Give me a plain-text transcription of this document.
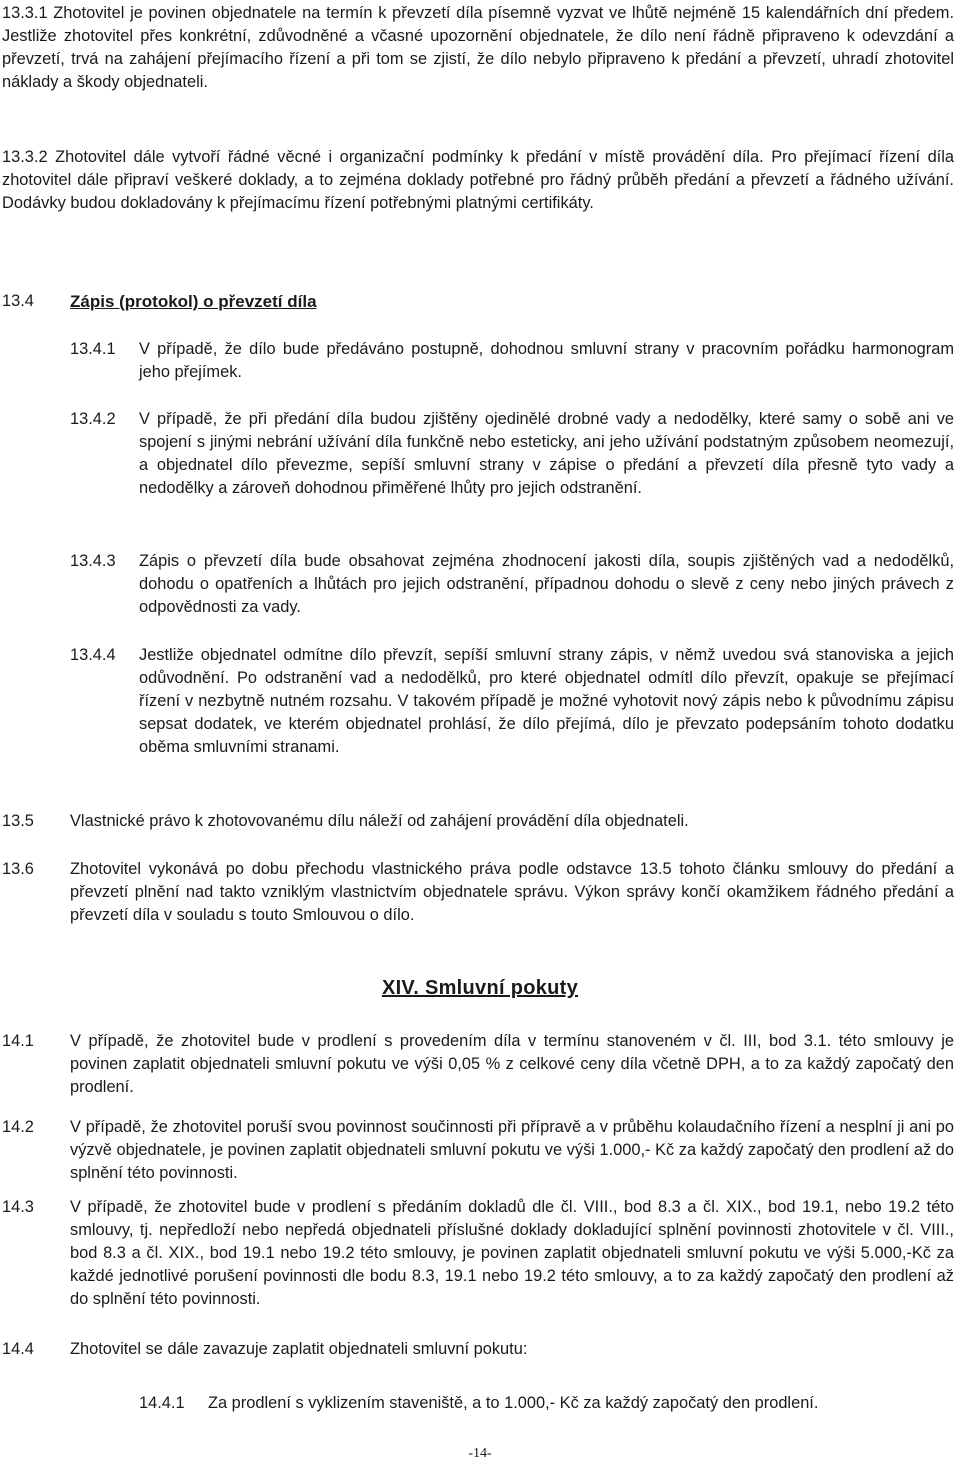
13.3.1 Zhotovitel je povinen objednatele na termín k převzetí díla písemně vyzvat ve lhůtě nejméně 15 kalendářních dní předem. Jestliže zhotovitel přes konkrétní, zdůvodněné a včasné upozornění objednatele, že dílo není řádně připraveno k odevzdání a převzetí, trvá na zahájení přejímacího řízení a při tom se zjistí, že dílo nebylo připraveno k předání a převzetí, uhradí zhotovitel náklady a škody objednateli.

13.3.2 Zhotovitel dále vytvoří řádné věcné i organizační podmínky k předání v místě provádění díla. Pro přejímací řízení díla zhotovitel dále připraví veškeré doklady, a to zejména doklady potřebné pro řádný průběh předání a převzetí a řádného užívání. Dodávky budou dokladovány k přejímacímu řízení potřebnými platnými certifikáty.

13.4 Zápis (protokol) o převzetí díla
13.4.1 V případě, že dílo bude předáváno postupně, dohodnou smluvní strany v pracovním pořádku harmonogram jeho přejímek.
13.4.2 V případě, že při předání díla budou zjištěny ojedinělé drobné vady a nedodělky, které samy o sobě ani ve spojení s jinými nebrání užívání díla funkčně nebo esteticky, ani jeho užívání podstatným způsobem neomezují, a objednatel dílo převezme, sepíší smluvní strany v zápise o předání a převzetí díla přesně tyto vady a nedodělky a zároveň dohodnou přiměřené lhůty pro jejich odstranění.
13.4.3 Zápis o převzetí díla bude obsahovat zejména zhodnocení jakosti díla, soupis zjištěných vad a nedodělků, dohodu o opatřeních a lhůtách pro jejich odstranění, případnou dohodu o slevě z ceny nebo jiných právech z odpovědnosti za vady.
13.4.4 Jestliže objednatel odmítne dílo převzít, sepíší smluvní strany zápis, v němž uvedou svá stanoviska a jejich odůvodnění. Po odstranění vad a nedodělků, pro které objednatel odmítl dílo převzít, opakuje se přejímací řízení v nezbytně nutném rozsahu. V takovém případě je možné vyhotovit nový zápis nebo k původnímu zápisu sepsat dodatek, ve kterém objednatel prohlásí, že dílo přejímá, dílo je převzato podepsáním tohoto dodatku oběma smluvními stranami.
13.5 Vlastnické právo k zhotovovanému dílu náleží od zahájení provádění díla objednateli.
13.6 Zhotovitel vykonává po dobu přechodu vlastnického práva podle odstavce 13.5 tohoto článku smlouvy do předání a převzetí plnění nad takto vzniklým vlastnictvím objednatele správu. Výkon správy končí okamžikem řádného předání a převzetí díla v souladu s touto Smlouvou o dílo.
XIV. Smluvní pokuty
14.1 V případě, že zhotovitel bude v prodlení s provedením díla v termínu stanoveném v čl. III, bod 3.1. této smlouvy je povinen zaplatit objednateli smluvní pokutu ve výši 0,05 % z celkové ceny díla včetně DPH, a to za každý započatý den prodlení.
14.2 V případě, že zhotovitel poruší svou povinnost součinnosti při přípravě a v průběhu kolaudačního řízení a nesplní ji ani po výzvě objednatele, je povinen zaplatit objednateli smluvní pokutu ve výši 1.000,- Kč za každý započatý den prodlení až do splnění této povinnosti.
14.3 V případě, že zhotovitel bude v prodlení s předáním dokladů dle čl. VIII., bod 8.3 a čl. XIX., bod 19.1, nebo 19.2 této smlouvy, tj. nepředloží nebo nepředá objednateli příslušné doklady dokladující splnění povinnosti zhotovitele v čl. VIII., bod 8.3 a čl. XIX., bod 19.1 nebo 19.2 této smlouvy, je povinen zaplatit objednateli smluvní pokutu ve výši 5.000,-Kč za každé jednotlivé porušení povinnosti dle bodu 8.3, 19.1 nebo 19.2 této smlouvy, a to za každý započatý den prodlení až do splnění této povinnosti.
14.4 Zhotovitel se dále zavazuje zaplatit objednateli smluvní pokutu:
14.4.1 Za prodlení s vyklizením staveniště, a to 1.000,- Kč za každý započatý den prodlení.
-14-
